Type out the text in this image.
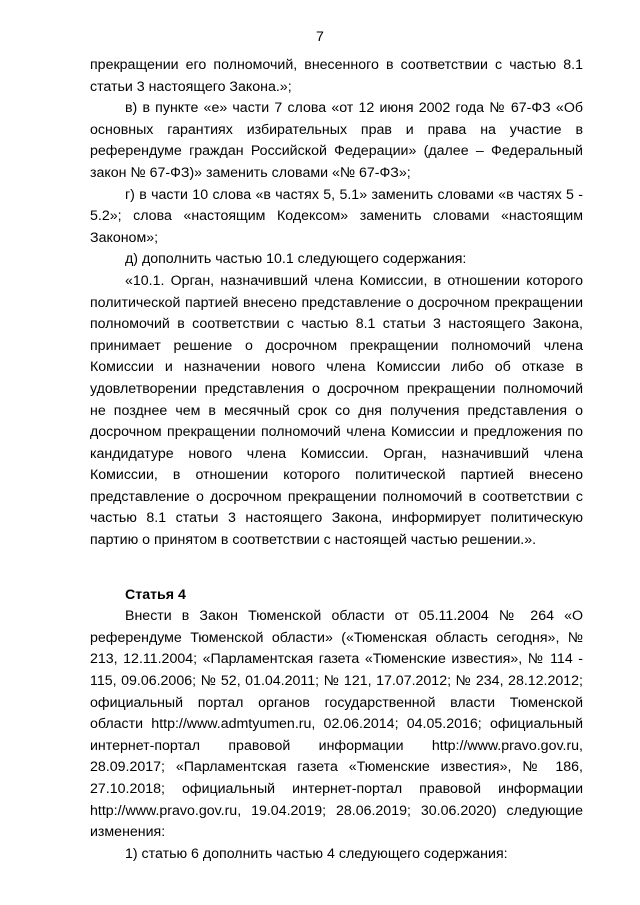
7

прекращении его полномочий, внесенного в соответствии с частью 8.1 статьи 3 настоящего Закона.»;

в) в пункте «е» части 7 слова «от 12 июня 2002 года № 67-ФЗ «Об основных гарантиях избирательных прав и права на участие в референдуме граждан Российской Федерации» (далее – Федеральный закон № 67-ФЗ)» заменить словами «№ 67-ФЗ»;

г) в части 10 слова «в частях 5, 5.1» заменить словами «в частях 5 - 5.2»; слова «настоящим Кодексом» заменить словами «настоящим Законом»;

д) дополнить частью 10.1 следующего содержания:

«10.1. Орган, назначивший члена Комиссии, в отношении которого политической партией внесено представление о досрочном прекращении полномочий в соответствии с частью 8.1 статьи 3 настоящего Закона, принимает решение о досрочном прекращении полномочий члена Комиссии и назначении нового члена Комиссии либо об отказе в удовлетворении представления о досрочном прекращении полномочий не позднее чем в месячный срок со дня получения представления о досрочном прекращении полномочий члена Комиссии и предложения по кандидатуре нового члена Комиссии. Орган, назначивший члена Комиссии, в отношении которого политической партией внесено представление о досрочном прекращении полномочий в соответствии с частью 8.1 статьи 3 настоящего Закона, информирует политическую партию о принятом в соответствии с настоящей частью решении.».

Статья 4

Внести в Закон Тюменской области от 05.11.2004 № 264 «О референдуме Тюменской области» («Тюменская область сегодня», № 213, 12.11.2004; «Парламентская газета «Тюменские известия», № 114 - 115, 09.06.2006; № 52, 01.04.2011; № 121, 17.07.2012; № 234, 28.12.2012; официальный портал органов государственной власти Тюменской области http://www.admtyumen.ru, 02.06.2014; 04.05.2016; официальный интернет-портал правовой информации http://www.pravo.gov.ru, 28.09.2017; «Парламентская газета «Тюменские известия», № 186, 27.10.2018; официальный интернет-портал правовой информации http://www.pravo.gov.ru, 19.04.2019; 28.06.2019; 30.06.2020) следующие изменения:

1) статью 6 дополнить частью 4 следующего содержания:
